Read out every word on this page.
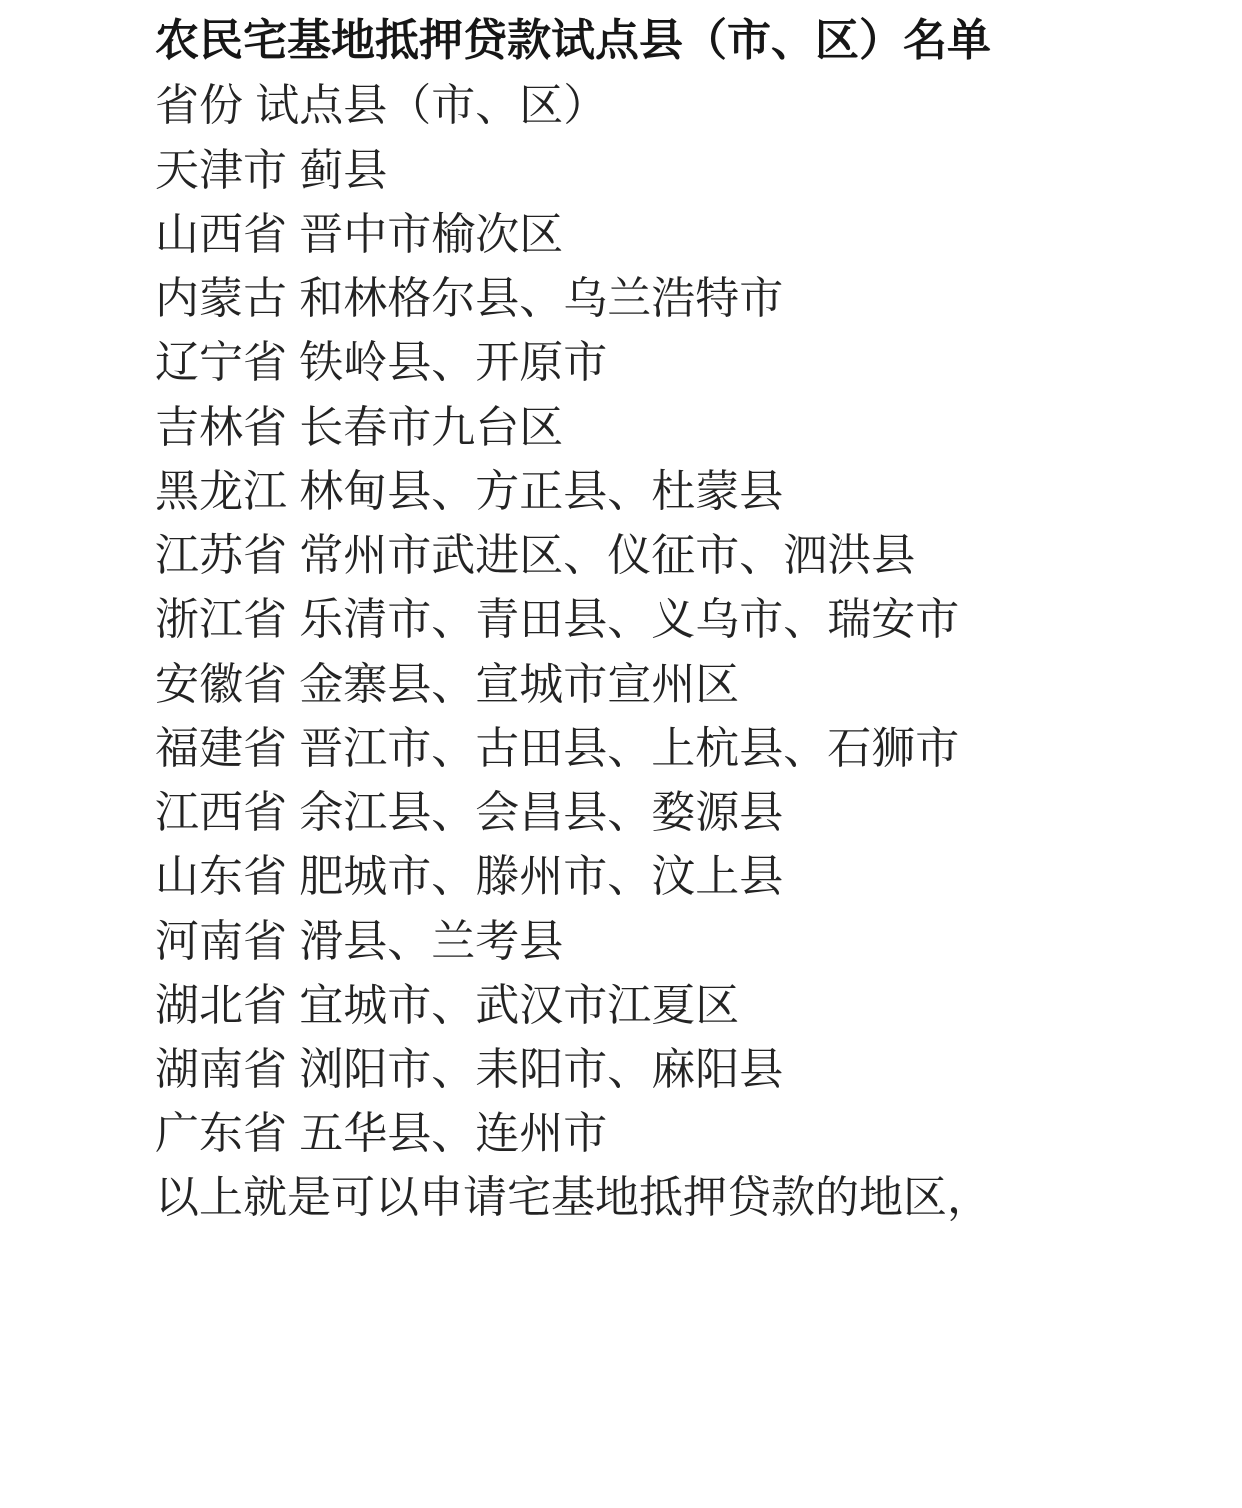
农民宅基地抵押贷款试点县（市、区）名单

省份 试点县（市、区）

天津市 蓟县

山西省 晋中市榆次区

内蒙古 和林格尔县、乌兰浩特市

辽宁省 铁岭县、开原市

吉林省 长春市九台区

黑龙江 林甸县、方正县、杜蒙县

江苏省 常州市武进区、仪征市、泗洪县

浙江省 乐清市、青田县、义乌市、瑞安市

安徽省 金寨县、宣城市宣州区

福建省 晋江市、古田县、上杭县、石狮市

江西省 余江县、会昌县、婺源县

山东省 肥城市、滕州市、汶上县

河南省 滑县、兰考县

湖北省 宜城市、武汉市江夏区

湖南省 浏阳市、耒阳市、麻阳县

广东省 五华县、连州市

以上就是可以申请宅基地抵押贷款的地区，
